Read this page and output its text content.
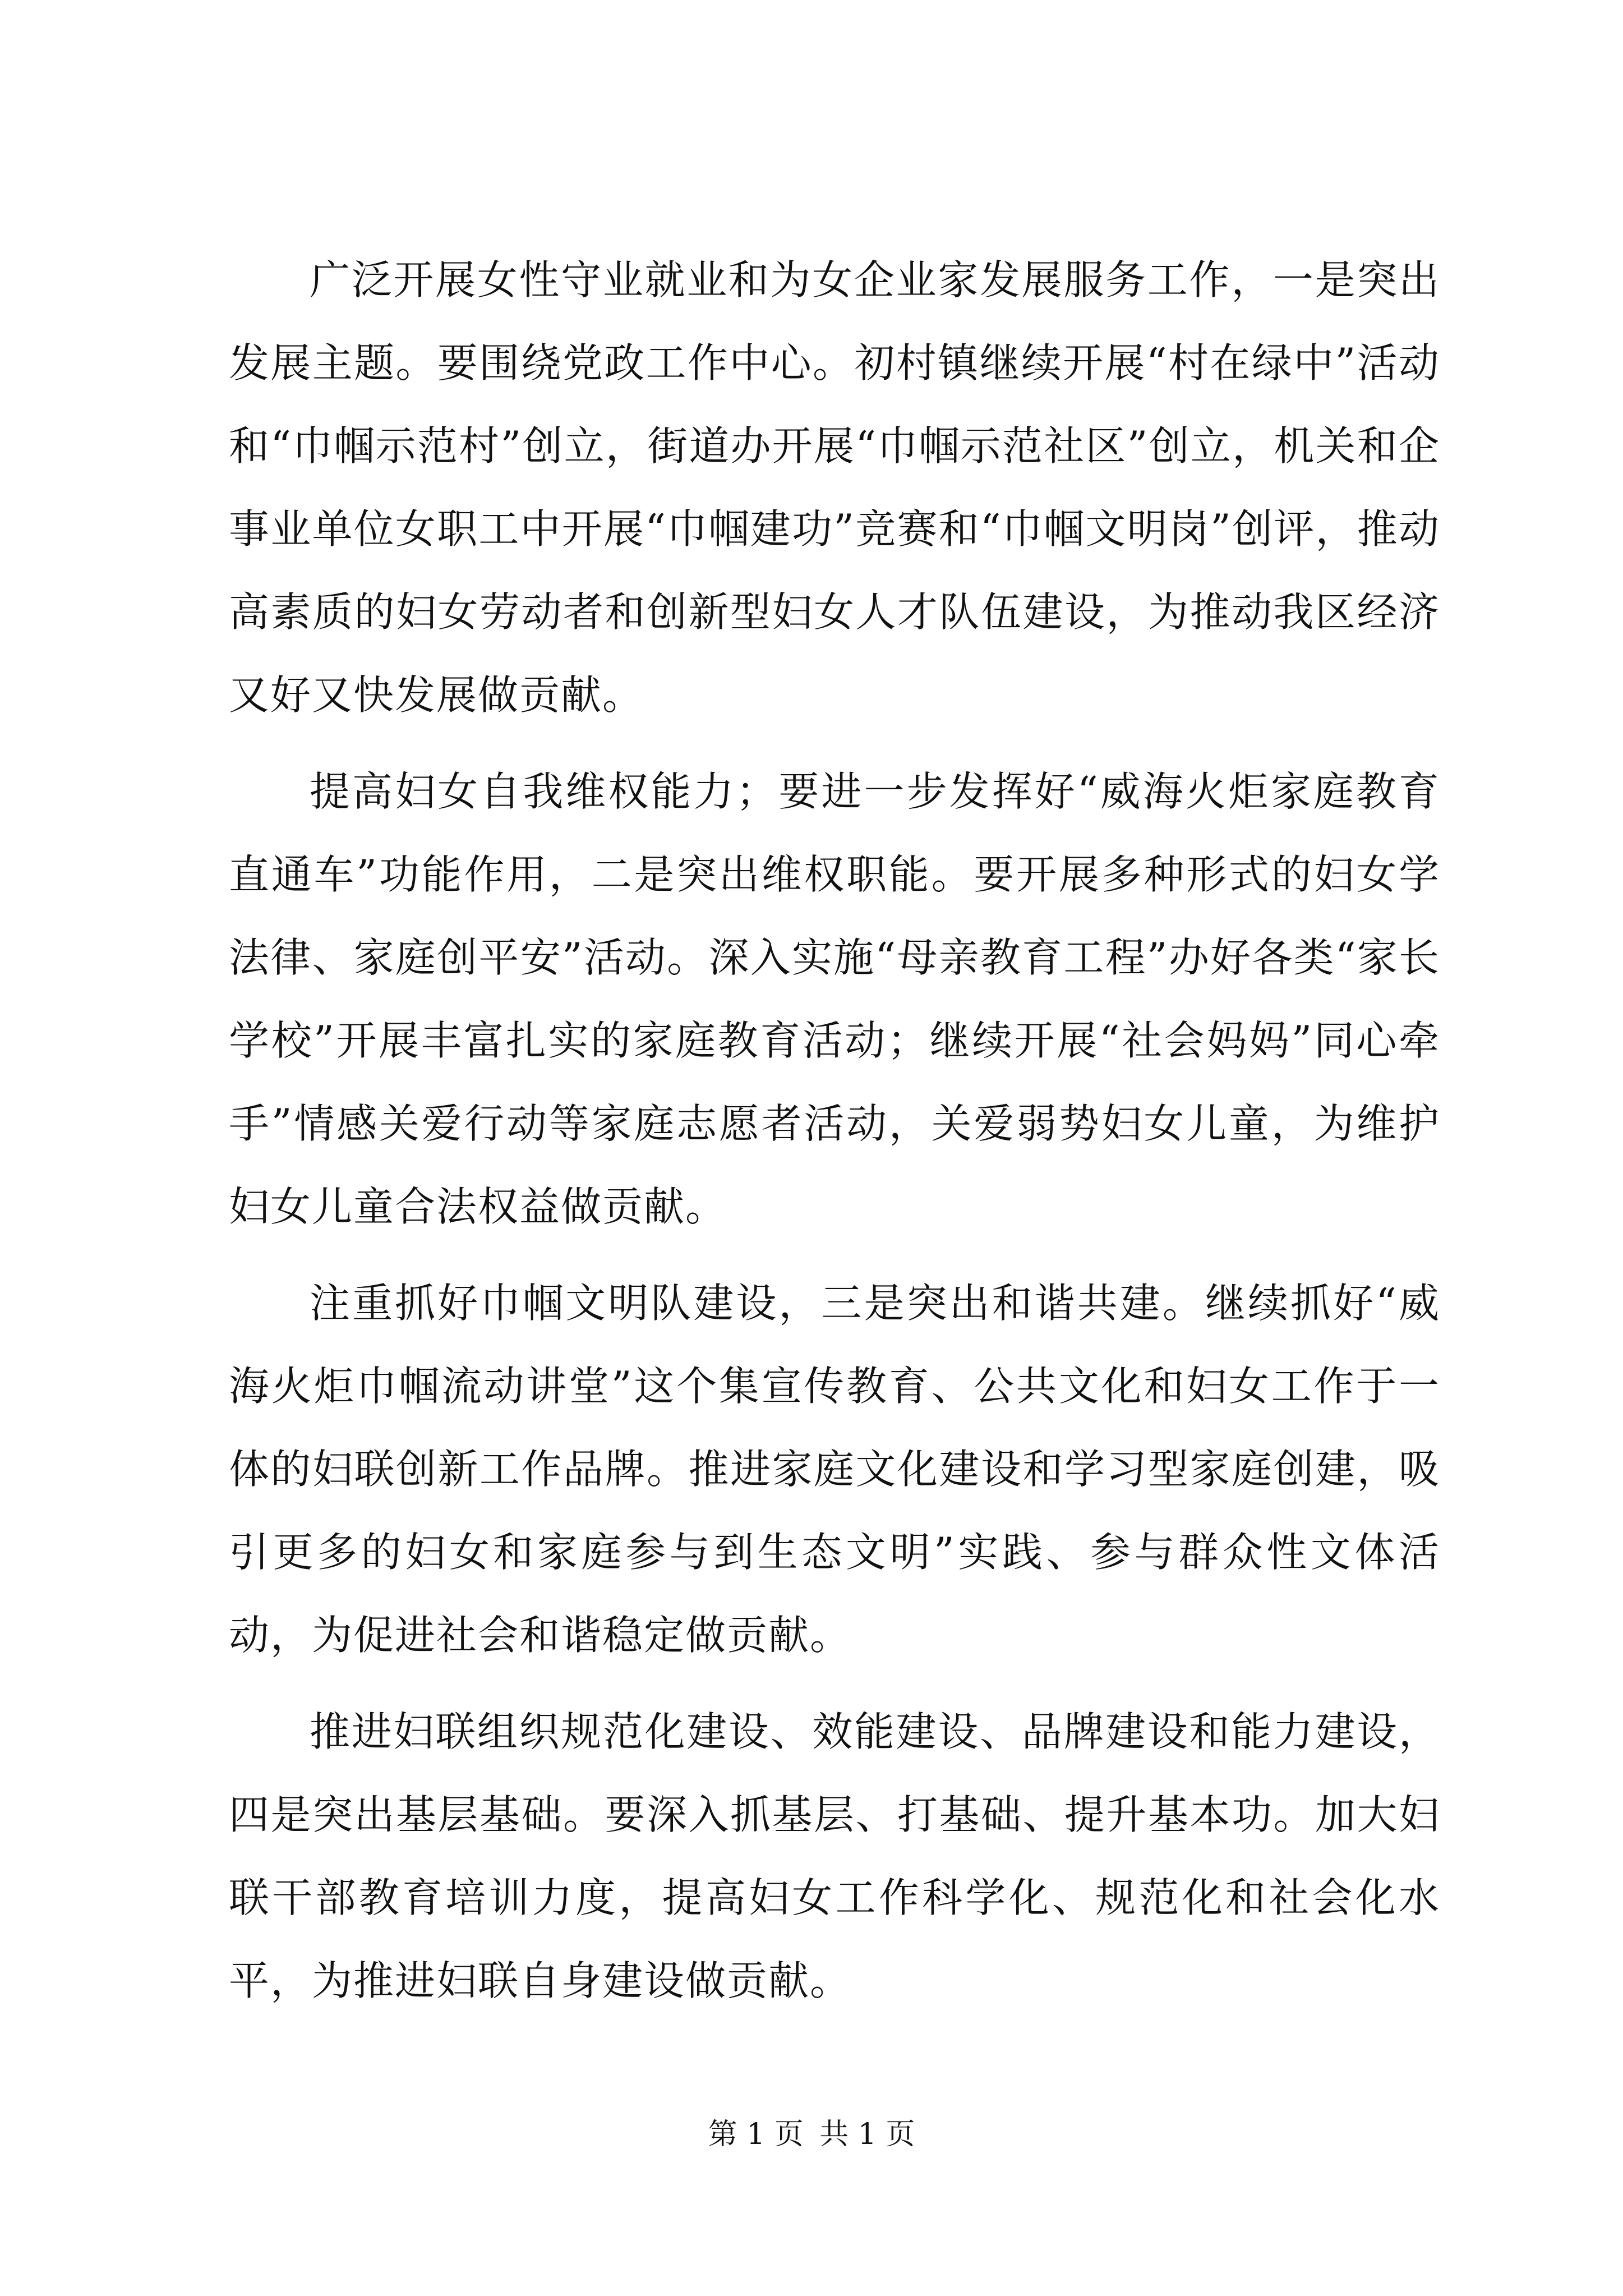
广泛开展女性守业就业和为女企业家发展服务工作，一是突出发展主题。要围绕党政工作中心。初村镇继续开展“村在绿中”活动和“巾帼示范村”创立，街道办开展“巾帼示范社区”创立，机关和企事业单位女职工中开展“巾帼建功”竞赛和“巾帼文明岗”创评，推动高素质的妇女劳动者和创新型妇女人才队伍建设，为推动我区经济又好又快发展做贡献。

提高妇女自我维权能力；要进一步发挥好“威海火炬家庭教育直通车”功能作用，二是突出维权职能。要开展多种形式的妇女学法律、家庭创平安”活动。深入实施“母亲教育工程”办好各类“家长学校”开展丰富扎实的家庭教育活动；继续开展“社会妈妈”同心牵手”情感关爱行动等家庭志愿者活动，关爱弱势妇女儿童，为维护妇女儿童合法权益做贡献。

注重抓好巾帼文明队建设，三是突出和谐共建。继续抓好“威海火炬巾帼流动讲堂”这个集宣传教育、公共文化和妇女工作于一体的妇联创新工作品牌。推进家庭文化建设和学习型家庭创建，吸引更多的妇女和家庭参与到生态文明”实践、参与群众性文体活动，为促进社会和谐稳定做贡献。

推进妇联组织规范化建设、效能建设、品牌建设和能力建设，四是突出基层基础。要深入抓基层、打基础、提升基本功。加大妇联干部教育培训力度，提高妇女工作科学化、规范化和社会化水平，为推进妇联自身建设做贡献。

第 1 页 共 1 页
